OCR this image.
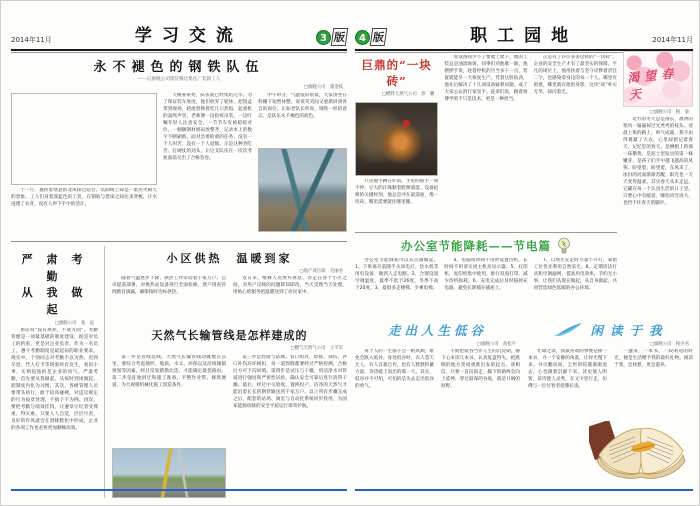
2014年11月	学习交流	3 版
永不褪色的钢铁队伍
——记旗舰公司派驻腾达集化厂装卸工人
□旗舰公司　董金枝

十一月，裹挟着寒意的北风掠过站台，装卸线上却是一派热火朝天的景象。工人们身着深蓝色的工装，在钢轨与货垛之间往来穿梭，汗水浸透了衣背，没有人停下手中的活计。

天刚蒙蒙亮，队伍就已经集结完毕。为了保证装车进度，他们放弃了轮休，把饭盒带到现场，轮流替换着吃几口热饭。起重机的轰鸣声里，老师傅一边指挥吊装，一边叮嘱年轻人注意安全。一节节车皮被稳稳对位，一捆捆钢材被码放整齐，记录本上的数字不断刷新。面对急难险重的任务，没有一个人叫苦，没有一个人退缩。正是这种肯吃苦、打硬仗的劲头，让这支队伍在一次次考验面前交出了合格答卷。

中午时分，气温依旧很低，大家围坐在料棚下短暂休整，说说笑笑间又重新回到各自的岗位。正如老队长所说，钢铁一样的意志，是队伍永不褪色的底色。

严 肃 考 勤
从 我 做 起
□旗舰公司　张　远

俗话说“没有规矩，不成方圆”。考勤管理是一项最基础的制度建设，既是对员工的约束，更是对企业负责。作为一名员工，遵守考勤制度是最起码的职业要求。现实中，个别同志对考勤不以为然，迟到早退、代人打卡等现象时有发生，看似小事，实则侵蚀的是企业的风气。严肃考勤，首先要从我做起，从按时到岗做起，把制度内化为习惯。其次，各级管理人员要带头执行，敢于较真碰硬，对违反规定的行为按章处理，不搞下不为例。再次，要把考勤与绩效挂钩，让遵章守纪者受尊重、得实惠。只要人人自觉，层层尽责，良好的作风就会在潜移默化中形成，企业的各项工作也必将更加顺畅高效。

小区供热　温暖到家
□地产项目部　毛丽君

随着气温逐步下降，供热工作牵动着千家万户。公司提前部署，对换热站设备进行全面检修，逐户排查管网跑冒滴漏，确保按时达标供热。

连日来，维修人员放弃休息，奔走在各个小区之间，对用户反映的问题即知即改，当天受理当天处理，用贴心的服务把温暖送到了居民家中。

天然气长输管线是怎样建成的
□燃气天然气公司　王平军

第一步是管线选线。天然气长输管线动辄数百公里，要综合考虑地形、地质、水文、环保以及沿线城镇规划等因素，经过反复踏勘比选，才能确定最优路由。第二步是征地拆迁和施工准备，平整作业带、修筑便道，为大规模机械化施工创造条件。

第三步是焊接与防腐。管口组对、焊接、探伤、补口补伤环环相扣，每一道焊缝都要经过严格检测，合格后方可下沟回填。第四步是试压与干燥，用洁净水对管道进行强度和严密性试验，确认安全可靠后进行清管干燥。最后，经过中交验收、置换投产，洁净的天然气才能沿着长长的钢管输送到千家万户。以上所有步骤完成之后，配套的站场、阀室与自动化系统同步投用，为国家能源动脉的安全平稳运行保驾护航。

4 版	职工园地	2014年11月
巨鼎的“一块砖”
□燃料天然气公司　郭　鹏

只见他半蹲在炉前，手里的扳手一刻不停，豆大的汗珠顺着脸颊滚落。设备抢修的关键时刻，他总是冲在最前面，像一块砖，哪里需要就往哪里搬。

进设备间少不了要爬上爬下，他的工装总是油渍斑斑。同事们劝他歇一歇，他摆摆手说，趁着停机的空当多干一点，装置就能早一天恢复生产。凭着这股钻劲，他先后解决了十几项设备疑难问题，成了大家公认的行家里手。徒弟们说，跟着师傅学的不只是技术，更是一种担当。

正是有了许许多多这样的“一块砖”，企业的安全生产才有了最坚实的保障。平凡的岗位上，他用执着与坚守诠释着责任二字，也感染着身边的每一个人。哪里有困难，哪里就有他的身影，这块“砖”朴实无华，却闪着光。

办公室节能降耗——节电篇

办公室节能降耗可以从点滴做起。1、下班离开前随手关闭电灯、饮水机等用电设备，做到人走电断。2、合理设置空调温度，夏季不低于26度，冬季不高于20度。3、提倡多走楼梯，少乘电梯。

4、电脑短时间不用时设置待机，长时间不用请关闭主机及显示器。5、打印机、复印机集中使用，推行双面打印，减少待机损耗。6、充电完成后及时拔掉充电器，避免长期插在插座上。

7、自然光充足时尽量不开灯，靠窗工位优先利用自然采光。8、定期清洁灯具和空调滤网，提高用电效率。节约无小事，让我们从现在做起，从自身做起，共同营造绿色低碳的办公环境。

渴望春天
□旗舰公司　杨　迪

北方的冬天总是漫长，凛冽的寒风一遍遍掠过光秃秃的枝头。清晨上班的路上，呵气成霜，我不由得裹紧了大衣，心里却惦记着春天。记忆里的春天，是柳梢上的那一抹鹅黄，是泥土里钻出的第一株嫩芽，是孩子们手中越飞越高的风筝。盼望着，盼望着，东风来了，冰封的河面渐渐苏醒，阳光也一天天变得温柔。其实春天从未走远，它藏在每一个认真生活的日子里。只要心中有暖意，哪怕风雪再大，也挡不住春天的脚步。

走出人生低谷
□旗舰公司　高松平

每个人的一生都不会一帆风顺，难免会跌入低谷。身处低谷时，有人怨天尤人，有人自暴自弃，也有人默默积蓄力量，等待破土而出的那一天。其实，低谷并不可怕，可怕的是失去走出低谷的勇气。

不妨把低谷当作人生的沉淀期，静下心来读几本书，认真复盘得失，把跌倒的地方变成重新出发的起点。请相信，只要一直向前走，脚下的路终会向上延伸，穿过最深的谷底，就是开阔的原野。

闲读于我
□旗舰公司　杨少君

忙碌之余，我最喜欢的事便是捧一本书，寻一个安静的角落，让时光慢下来。书页翻动间，尘世的喧嚣渐渐退去，心也跟着沉静下来。读史使人明智，读诗使人灵秀，在文字里行走，仿佛与一位位智者促膝长谈。

一盏茶，一本书，一段闲适的时光，便是生活赠予我的最好礼物。闲读于我，是休憩，更是滋养。
